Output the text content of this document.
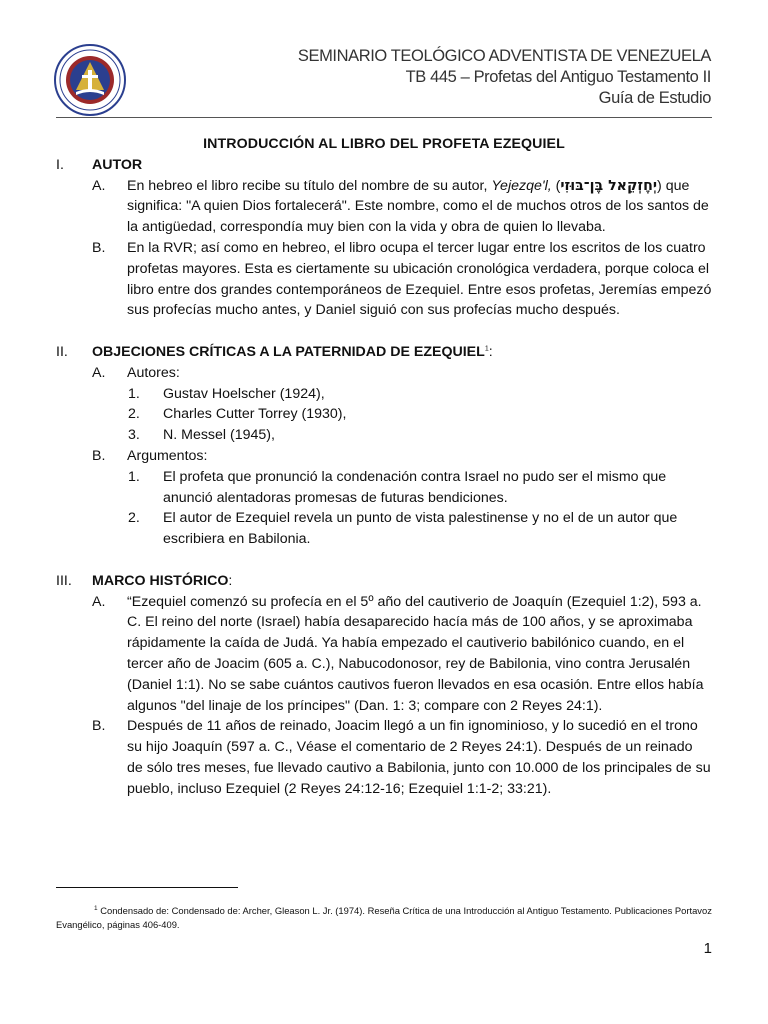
SEMINARIO TEOLÓGICO ADVENTISTA DE VENEZUELA
TB 445 – Profetas del Antiguo Testamento II
Guía de Estudio
INTRODUCCIÓN AL LIBRO DEL PROFETA EZEQUIEL
I.	AUTOR
A. En hebreo el libro recibe su título del nombre de su autor, Yejezqe'l, (יְחֶזְקֵאל בֶּן־בּוּזִי) que significa: "A quien Dios fortalecerá". Este nombre, como el de muchos otros de los santos de la antigüedad, correspondía muy bien con la vida y obra de quien lo llevaba.
B. En la RVR; así como en hebreo, el libro ocupa el tercer lugar entre los escritos de los cuatro profetas mayores. Esta es ciertamente su ubicación cronológica verdadera, porque coloca el libro entre dos grandes contemporáneos de Ezequiel. Entre esos profetas, Jeremías empezó sus profecías mucho antes, y Daniel siguió con sus profecías mucho después.
II.	OBJECIONES CRÍTICAS A LA PATERNIDAD DE EZEQUIEL$^1$:
A. Autores:
1. Gustav Hoelscher (1924),
2. Charles Cutter Torrey (1930),
3. N. Messel (1945),
B. Argumentos:
1. El profeta que pronunció la condenación contra Israel no pudo ser el mismo que anunció alentadoras promesas de futuras bendiciones.
2. El autor de Ezequiel revela un punto de vista palestinense y no el de un autor que escribiera en Babilonia.
III.	MARCO HISTÓRICO:
A. “Ezequiel comenzó su profecía en el 5º año del cautiverio de Joaquín (Ezequiel 1:2), 593 a. C. El reino del norte (Israel) había desaparecido hacía más de 100 años, y se aproximaba rápidamente la caída de Judá. Ya había empezado el cautiverio babilónico cuando, en el tercer año de Joacim (605 a. C.), Nabucodonosor, rey de Babilonia, vino contra Jerusalén (Daniel 1:1). No se sabe cuántos cautivos fueron llevados en esa ocasión. Entre ellos había algunos "del linaje de los príncipes" (Dan. 1: 3; compare con 2 Reyes 24:1).
B. Después de 11 años de reinado, Joacim llegó a un fin ignominioso, y lo sucedió en el trono su hijo Joaquín (597 a. C., Véase el comentario de 2 Reyes 24:1). Después de un reinado de sólo tres meses, fue llevado cautivo a Babilonia, junto con 10.000 de los principales de su pueblo, incluso Ezequiel (2 Reyes 24:12-16; Ezequiel 1:1-2; 33:21).
$^1$ Condensado de: Condensado de: Archer, Gleason L. Jr. (1974). Reseña Crítica de una Introducción al Antiguo Testamento. Publicaciones Portavoz Evangélico, páginas 406-409.
1
